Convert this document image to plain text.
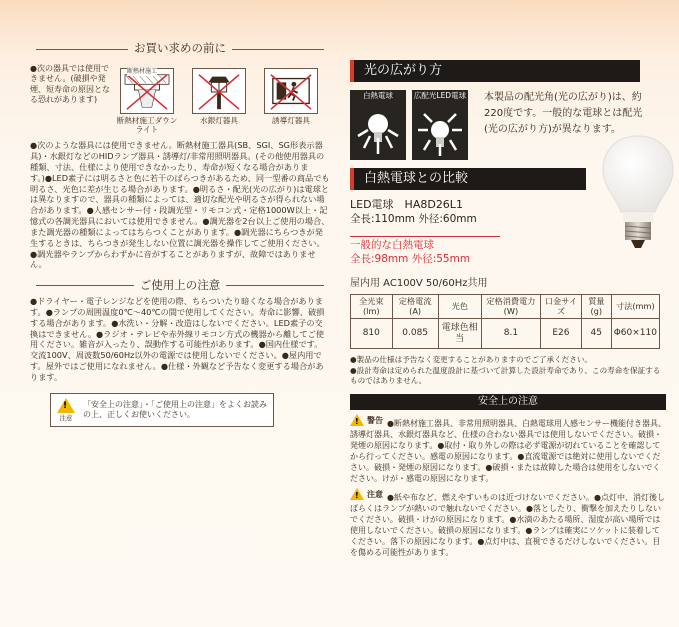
お買い求めの前に
●次の器具では使用できません。(破損や発煙、短寿命の原因となる恐れがあります)
断熱材施工
断熱材施工ダウンライト
水銀灯器具	誘導灯器具
●次のような器具には使用できません。断熱材施工器具(SB、SGI、SG形表示器具)・水銀灯などのHIDランプ器具・誘導灯/非常用照明器具。(その他使用器具の種類、寸法、仕様により使用できなかったり、寿命が短くなる場合があります。)●LED素子には明るさと色に若干のばらつきがあるため、同一型番の商品でも明るさ、光色に差が生じる場合があります。●明るさ・配光(光の広がり)は電球とは異なりますので、器具の種類によっては、適切な配光や明るさが得られない場合があります。●人感センサー付・段調光型・リモコン式・定格1000W以上・記憶式の各調光器具においては使用できません。●調光器を2台以上ご使用の場合、また調光器の種類によってはちらつくことがあります。●調光器にちらつきが発生するときは、ちらつきが発生しない位置に調光器を操作してご使用ください。●調光器やランプからわずかに音がすることがありますが、故障ではありません。
ご使用上の注意
●ドライヤー・電子レンジなどを使用の際、ちらついたり暗くなる場合があります。●ランプの周囲温度0℃～40℃の間で使用してください。寿命に影響、破損する場合があります。●水洗い・分解・改造はしないでください。LED素子の交換はできません。●ラジオ・テレビや赤外線リモコン方式の機器から離してご使用ください。雑音が入ったり、誤動作する可能性があります。●国内仕様です。交流100V、周波数50/60Hz以外の電源では使用しないでください。●屋内用です。屋外ではご使用になれません。●仕様・外観など予告なく変更する場合があります。
!
注意
「安全上の注意」・「ご使用上の注意」をよくお読みの上、正しくお使いください。
光の広がり方
白熱電球	広配光LED電球 本製品の配光角(光の広がり)は、約220度です。一般的な電球とは配光(光の広がり方)が異なります。
白熱電球との比較
LED電球　HA8D26L1
全長:110mm 外径:60mm
一般的な白熱電球
全長:98mm 外径:55mm
屋内用 AC100V 50/60Hz共用
全光束(lm)	定格電流(A)	光色	定格消費電力(W)	口金サイズ	質量(g)	寸法(mm)
810	0.085	電球色相当	8.1	E26	45	Φ60×110
●製品の仕様は予告なく変更することがありますのでご了承ください。
●設計寿命は定められた温度設計に基づいて計算した設計寿命であり、この寿命を保証するものではありません。
安全上の注意
! 警告 ●断熱材施工器具、非常用照明器具、白熱電球用人感センサー機能付き器具、誘導灯器具、水銀灯器具など、仕様の合わない器具では使用しないでください。破損・発煙の原因になります。●取付・取り外しの際は必ず電源が切れていることを確認してから行ってください。感電の原因になります。●直流電源では絶対に使用しないでください。破損・発煙の原因になります。●破損・または故障した場合は使用をしないでください。けが・感電の原因になります。
! 注意 ●紙や布など、燃えやすいものは近づけないでください。●点灯中、消灯後しばらくはランプが熱いので触れないでください。●落としたり、衝撃を加えたりしないでください。破損・けがの原因になります。●水滴のあたる場所、湿度が高い場所では使用しないでください。破損の原因になります。●ランプは確実にソケットに装着してください。落下の原因になります。●点灯中は、直視できるだけしないでください。目を傷める可能性があります。
